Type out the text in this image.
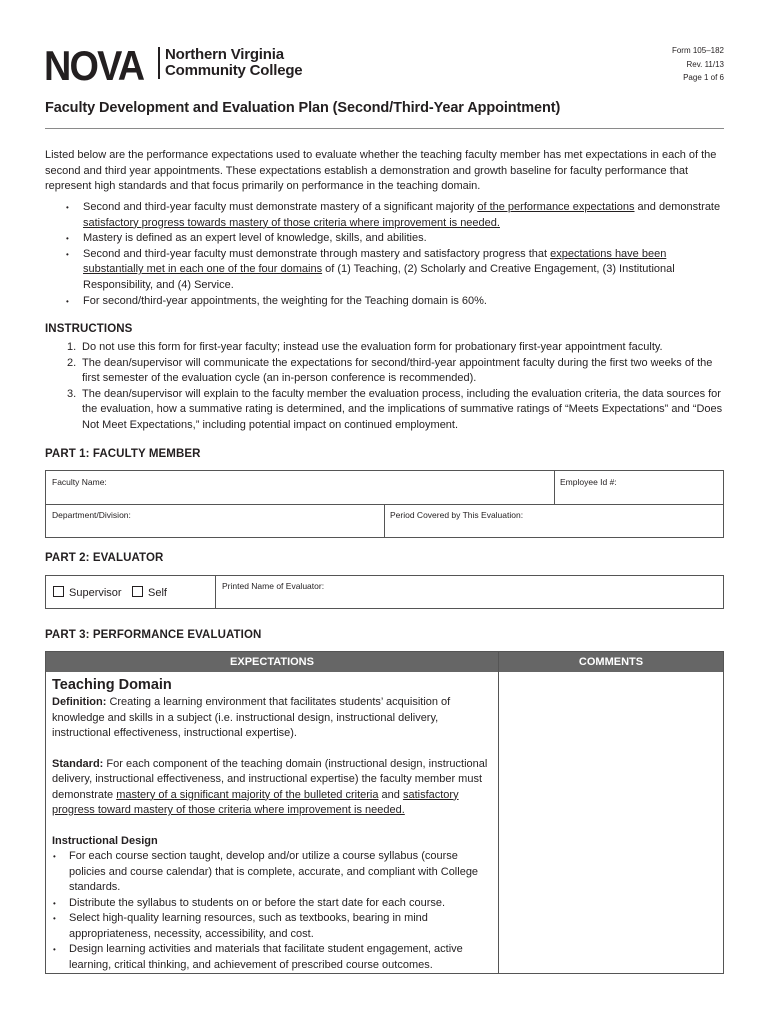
NOVA Northern Virginia
Community College
Form 105–182
Rev. 11/13
Page 1 of 6
Faculty Development and Evaluation Plan (Second/Third-Year Appointment)
Listed below are the performance expectations used to evaluate whether the teaching faculty member has met expectations in each of the second and third year appointments. These expectations establish a demonstration and growth baseline for faculty performance that represent high standards and that focus primarily on performance in the teaching domain.
• Second and third-year faculty must demonstrate mastery of a significant majority of the performance expectations and demonstrate satisfactory progress towards mastery of those criteria where improvement is needed.
• Mastery is defined as an expert level of knowledge, skills, and abilities.
• Second and third-year faculty must demonstrate through mastery and satisfactory progress that expectations have been substantially met in each one of the four domains of (1) Teaching, (2) Scholarly and Creative Engagement, (3) Institutional Responsibility, and (4) Service.
• For second/third-year appointments, the weighting for the Teaching domain is 60%.
INSTRUCTIONS
1. Do not use this form for first-year faculty; instead use the evaluation form for probationary first-year appointment faculty.
2. The dean/supervisor will communicate the expectations for second/third-year appointment faculty during the first two weeks of the first semester of the evaluation cycle (an in-person conference is recommended).
3. The dean/supervisor will explain to the faculty member the evaluation process, including the evaluation criteria, the data sources for the evaluation, how a summative rating is determined, and the implications of summative ratings of “Meets Expectations” and “Does Not Meet Expectations,” including potential impact on continued employment.
PART 1: FACULTY MEMBER
Faculty Name:	Employee Id #:
Department/Division:	Period Covered by This Evaluation:
PART 2: EVALUATOR
Supervisor	Self
Printed Name of Evaluator:
PART 3: PERFORMANCE EVALUATION
EXPECTATIONS	COMMENTS
Teaching Domain
Definition: Creating a learning environment that facilitates students’ acquisition of knowledge and skills in a subject (i.e. instructional design, instructional delivery, instructional effectiveness, instructional expertise).
Standard: For each component of the teaching domain (instructional design, instructional delivery, instructional effectiveness, and instructional expertise) the faculty member must demonstrate mastery of a significant majority of the bulleted criteria and satisfactory progress toward mastery of those criteria where improvement is needed.
Instructional Design
• For each course section taught, develop and/or utilize a course syllabus (course policies and course calendar) that is complete, accurate, and compliant with College standards.
• Distribute the syllabus to students on or before the start date for each course.
• Select high-quality learning resources, such as textbooks, bearing in mind appropriateness, necessity, accessibility, and cost.
• Design learning activities and materials that facilitate student engagement, active learning, critical thinking, and achievement of prescribed course outcomes.
